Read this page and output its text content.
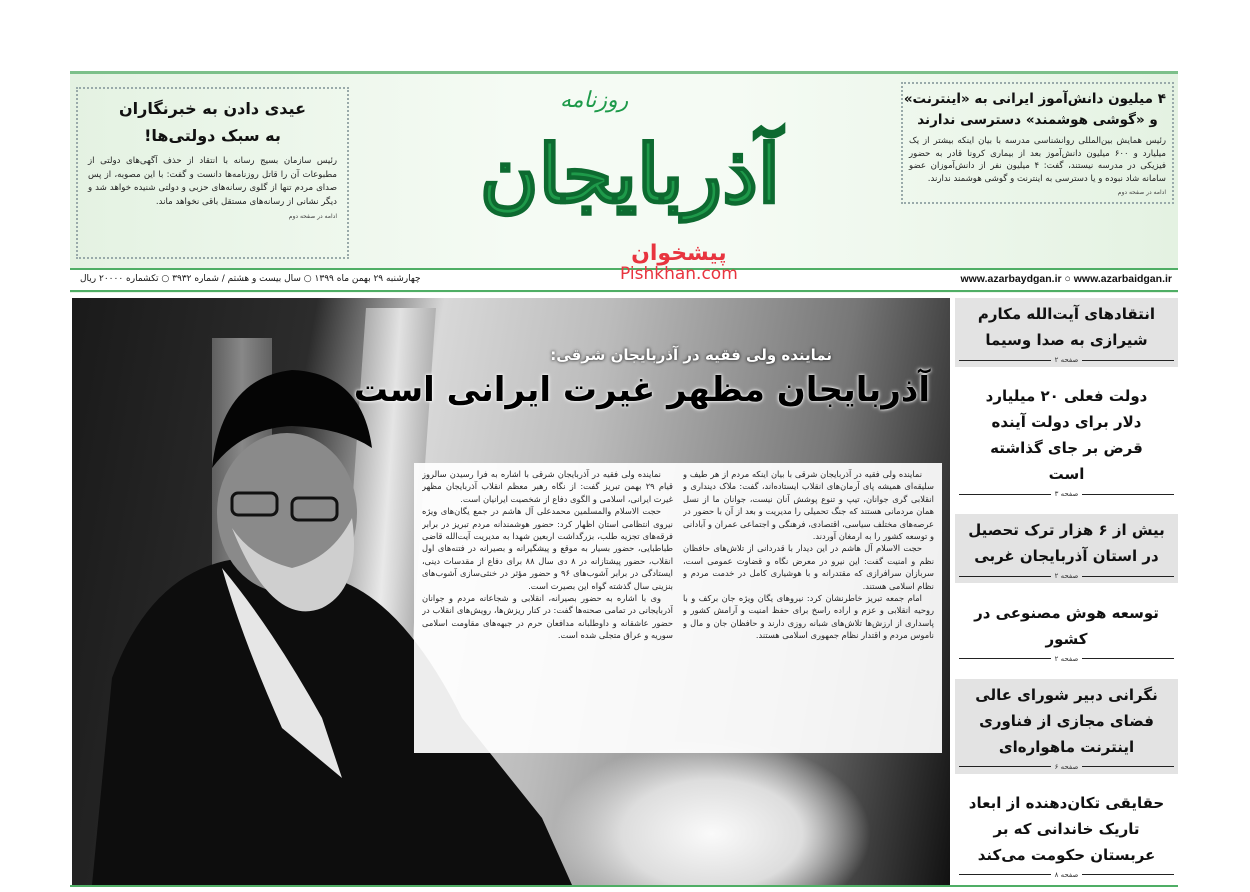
عیدی دادن به خبرنگاران
به سبک دولتی‌ها!

رئیس سازمان بسیج رسانه با انتقاد از حذف آگهی‌های دولتی از مطبوعات آن را قاتل روزنامه‌ها دانست و گفت: با این مصوبه، از پس صدای مردم تنها از گلوی رسانه‌های حزبی و دولتی شنیده خواهد شد و دیگر نشانی از رسانه‌های مستقل باقی نخواهد ماند.

ادامه در صفحه دوم
روزنامه
آذربایجان
۴ میلیون دانش‌آموز ایرانی به «اینترنت»
و «گوشی هوشمند» دسترسی ندارند

رئیس همایش بین‌المللی روانشناسی مدرسه با بیان اینکه بیشتر از یک میلیارد و ۶۰۰ میلیون دانش‌آموز بعد از بیماری کرونا قادر به حضور فیزیکی در مدرسه نیستند، گفت: ۴ میلیون نفر از دانش‌آموزان عضو سامانه شاد نبوده و یا دسترسی به اینترنت و گوشی هوشمند ندارند.

ادامه در صفحه دوم
چهارشنبه ۲۹ بهمن ماه ۱۳۹۹ ○ سال بیست و هشتم / شماره ۳۹۳۲ ○ تکشماره ۲۰۰۰۰ ریال	www.azarbaydgan.ir ○ www.azarbaidgan.ir
پیشخوان
Pishkhan.com
نماینده ولی فقیه در آذربایجان شرقی:
آذربایجان مظهر غیرت ایرانی است

نماینده ولی فقیه در آذربایجان شرقی با اشاره به فرا رسیدن سالروز قیام ۲۹ بهمن تبریز گفت: از نگاه رهبر معظم انقلاب آذربایجان مظهر غیرت ایرانی، اسلامی و الگوی دفاع از شخصیت ایرانیان است.

حجت الاسلام والمسلمین محمدعلی آل هاشم در جمع یگان‌های ویژه نیروی انتظامی استان اظهار کرد: حضور هوشمندانه مردم تبریز در برابر فرقه‌های تجزیه طلب، بزرگداشت اربعین شهدا به مدیریت آیت‌الله قاضی طباطبایی، حضور بسیار به موقع و پیشگیرانه و بصیرانه در فتنه‌های اول انقلاب، حضور پیشتازانه در ۸ دی سال ۸۸ برای دفاع از مقدسات دینی، ایستادگی در برابر آشوب‌های ۹۶ و حضور مؤثر در خنثی‌سازی آشوب‌های بنزینی سال گذشته گواه این بصیرت است.

وی با اشاره به حضور بصیرانه، انقلابی و شجاعانه مردم و جوانان آذربایجانی در تمامی صحنه‌ها گفت: در کنار ریزش‌ها، رویش‌های انقلاب در حضور عاشقانه و داوطلبانه مدافعان حرم در جبهه‌های مقاومت اسلامی سوریه و عراق متجلی شده است.

نماینده ولی فقیه در آذربایجان شرقی با بیان اینکه مردم از هر طیف و سلیقه‌ای همیشه پای آرمان‌های انقلاب ایستاده‌اند، گفت: ملاک دینداری و انقلابی گری جوانان، تیپ و تنوع پوشش آنان نیست، جوانان ما از نسل همان مردمانی هستند که جنگ تحمیلی را مدیریت و بعد از آن با حضور در عرصه‌های مختلف سیاسی، اقتصادی، فرهنگی و اجتماعی عمران و آبادانی و توسعه کشور را به ارمغان آوردند.

حجت الاسلام آل هاشم در این دیدار با قدردانی از تلاش‌های حافظان نظم و امنیت گفت: این نیرو در معرض نگاه و قضاوت عمومی است، سربازان سرافرازی که مقتدرانه و با هوشیاری کامل در خدمت مردم و نظام اسلامی هستند.

امام جمعه تبریز خاطرنشان کرد: نیروهای یگان ویژه جان برکف و با روحیه انقلابی و عزم و اراده راسخ برای حفظ امنیت و آرامش کشور و پاسداری از ارزش‌ها تلاش‌های شبانه روزی دارند و حافظان جان و مال و ناموس مردم و اقتدار نظام جمهوری اسلامی هستند.

انتقادهای آیت‌الله مکارم شیرازی به صدا وسیما
صفحه ۲
دولت فعلی ۲۰ میلیارد دلار برای دولت آینده قرض بر جای گذاشته است
صفحه ۳
بیش از ۶ هزار ترک تحصیل در استان آذربایجان غربی
صفحه ۲
توسعه هوش مصنوعی در کشور
صفحه ۲
نگرانی دبیر شورای عالی فضای مجازی از فناوری اینترنت ماهواره‌ای
صفحه ۶
حقایقی تکان‌دهنده از ابعاد تاریک خاندانی که بر عربستان حکومت می‌کند
صفحه ۸
